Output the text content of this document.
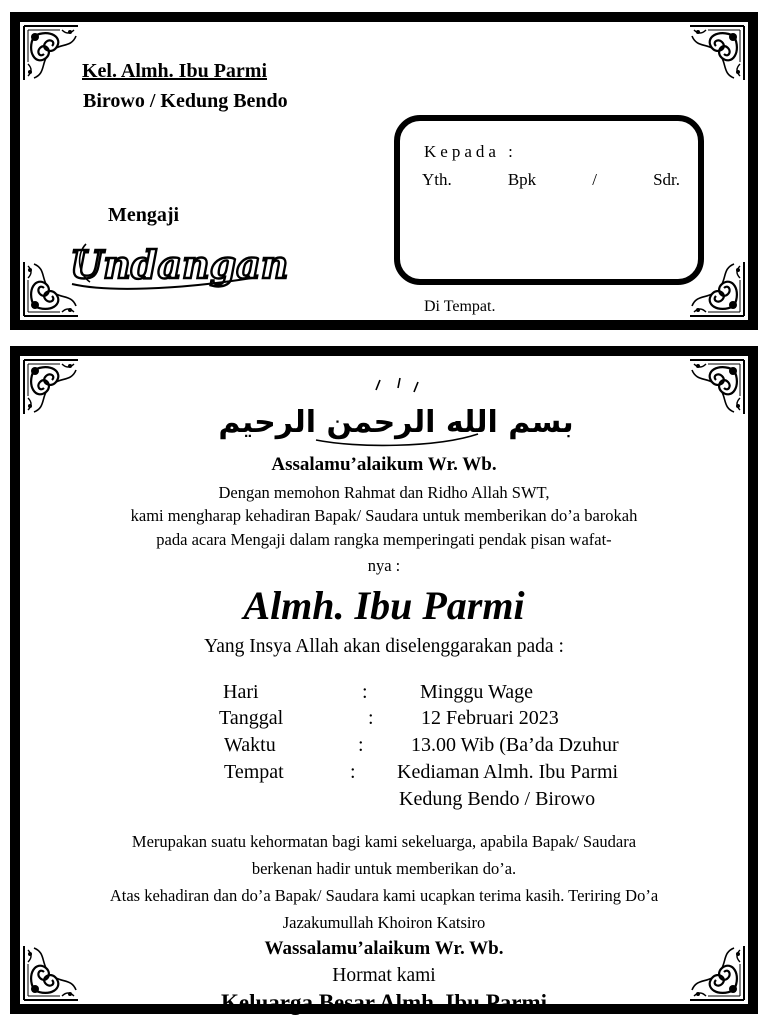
Kel. Almh. Ibu Parmi
Birowo / Kedung Bendo
Mengaji
Undangan
Kepada :
Yth.	Bpk	/	Sdr.
Di Tempat.
بسم الله الرحمن الرحيم
Assalamu’alaikum Wr. Wb.
Dengan memohon Rahmat dan Ridho Allah SWT,
kami mengharap kehadiran Bapak/ Saudara untuk memberikan do’a barokah
pada acara Mengaji dalam rangka memperingati pendak pisan wafat-
nya :
Almh. Ibu Parmi
Yang Insya Allah akan diselenggarakan pada :
Hari	:	Minggu Wage
Tanggal	: 12 Februari 2023
Waktu	: 13.00 Wib (Ba’da Dzuhur
Tempat	: Kediaman Almh. Ibu Parmi
Kedung Bendo / Birowo
Merupakan suatu kehormatan bagi kami sekeluarga, apabila Bapak/ Saudara
berkenan hadir untuk memberikan do’a.
Atas kehadiran dan do’a Bapak/ Saudara kami ucapkan terima kasih. Teriring Do’a
Jazakumullah Khoiron Katsiro
Wassalamu’alaikum Wr. Wb.
Hormat kami
Keluarga Besar Almh. Ibu Parmi
